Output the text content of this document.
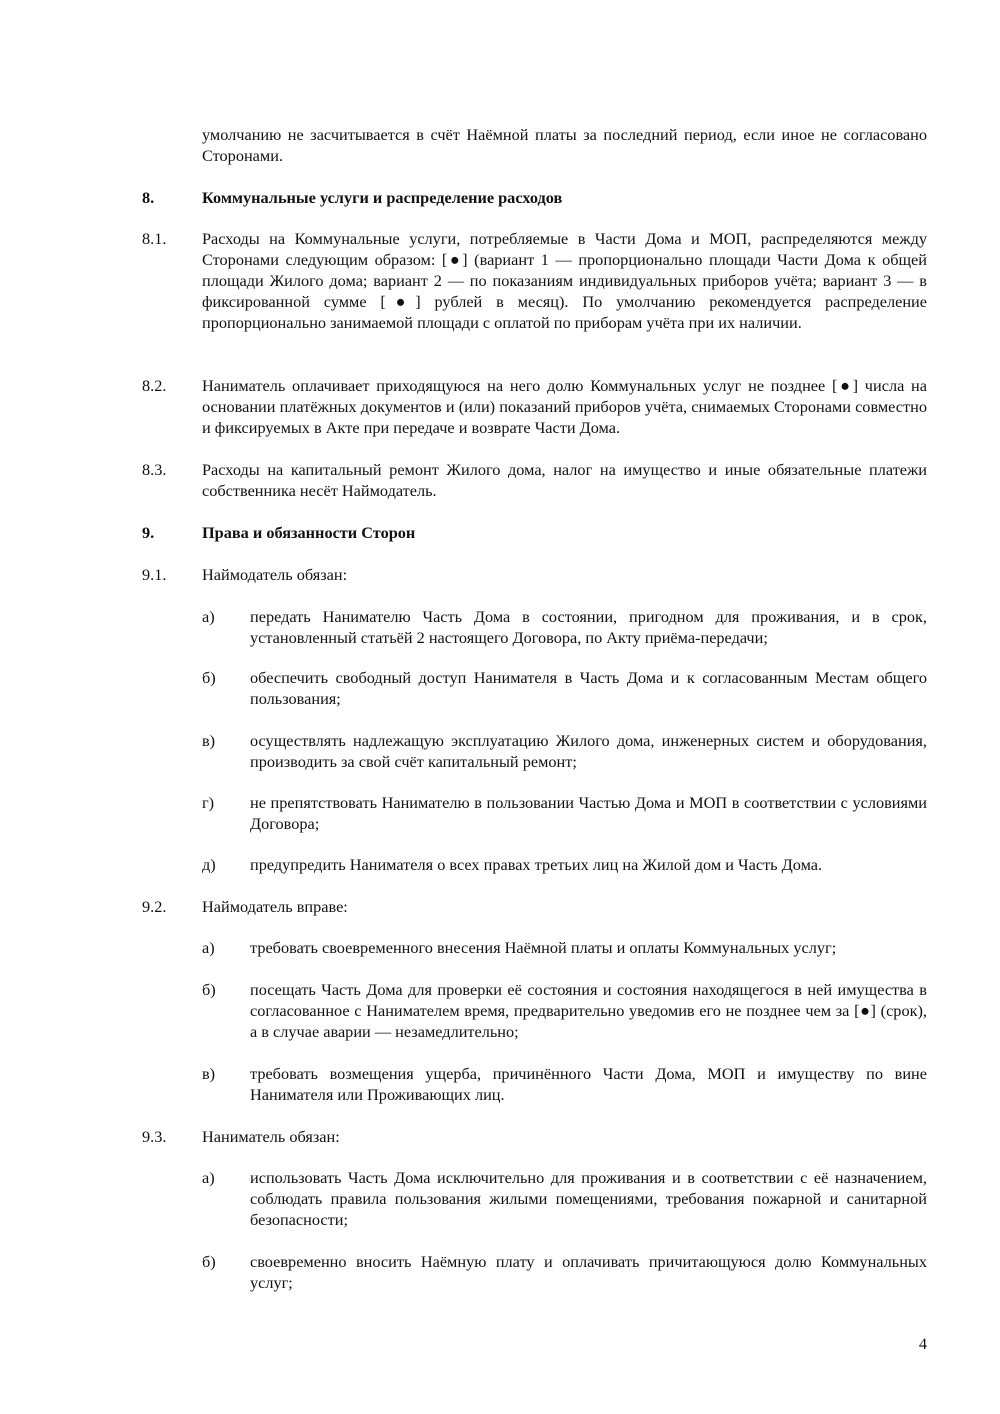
умолчанию не засчитывается в счёт Наёмной платы за последний период, если иное не согласовано Сторонами.
8.	Коммунальные услуги и распределение расходов
8.1. Расходы на Коммунальные услуги, потребляемые в Части Дома и МОП, распределяются между Сторонами следующим образом: [●] (вариант 1 — пропорционально площади Части Дома к общей площади Жилого дома; вариант 2 — по показаниям индивидуальных приборов учёта; вариант 3 — в фиксированной сумме [●] рублей в месяц). По умолчанию рекомендуется распределение пропорционально занимаемой площади с оплатой по приборам учёта при их наличии.
8.2. Наниматель оплачивает приходящуюся на него долю Коммунальных услуг не позднее [●] числа на основании платёжных документов и (или) показаний приборов учёта, снимаемых Сторонами совместно и фиксируемых в Акте при передаче и возврате Части Дома.
8.3. Расходы на капитальный ремонт Жилого дома, налог на имущество и иные обязательные платежи собственника несёт Наймодатель.
9.	Права и обязанности Сторон
9.1. Наймодатель обязан:
а) передать Нанимателю Часть Дома в состоянии, пригодном для проживания, и в срок, установленный статьёй 2 настоящего Договора, по Акту приёма-передачи;
б) обеспечить свободный доступ Нанимателя в Часть Дома и к согласованным Местам общего пользования;
в) осуществлять надлежащую эксплуатацию Жилого дома, инженерных систем и оборудования, производить за свой счёт капитальный ремонт;
г) не препятствовать Нанимателю в пользовании Частью Дома и МОП в соответствии с условиями Договора;
д) предупредить Нанимателя о всех правах третьих лиц на Жилой дом и Часть Дома.
9.2. Наймодатель вправе:
а) требовать своевременного внесения Наёмной платы и оплаты Коммунальных услуг;
б) посещать Часть Дома для проверки её состояния и состояния находящегося в ней имущества в согласованное с Нанимателем время, предварительно уведомив его не позднее чем за [●] (срок), а в случае аварии — незамедлительно;
в) требовать возмещения ущерба, причинённого Части Дома, МОП и имуществу по вине Нанимателя или Проживающих лиц.
9.3. Наниматель обязан:
а) использовать Часть Дома исключительно для проживания и в соответствии с её назначением, соблюдать правила пользования жилыми помещениями, требования пожарной и санитарной безопасности;
б) своевременно вносить Наёмную плату и оплачивать причитающуюся долю Коммунальных услуг;
4
